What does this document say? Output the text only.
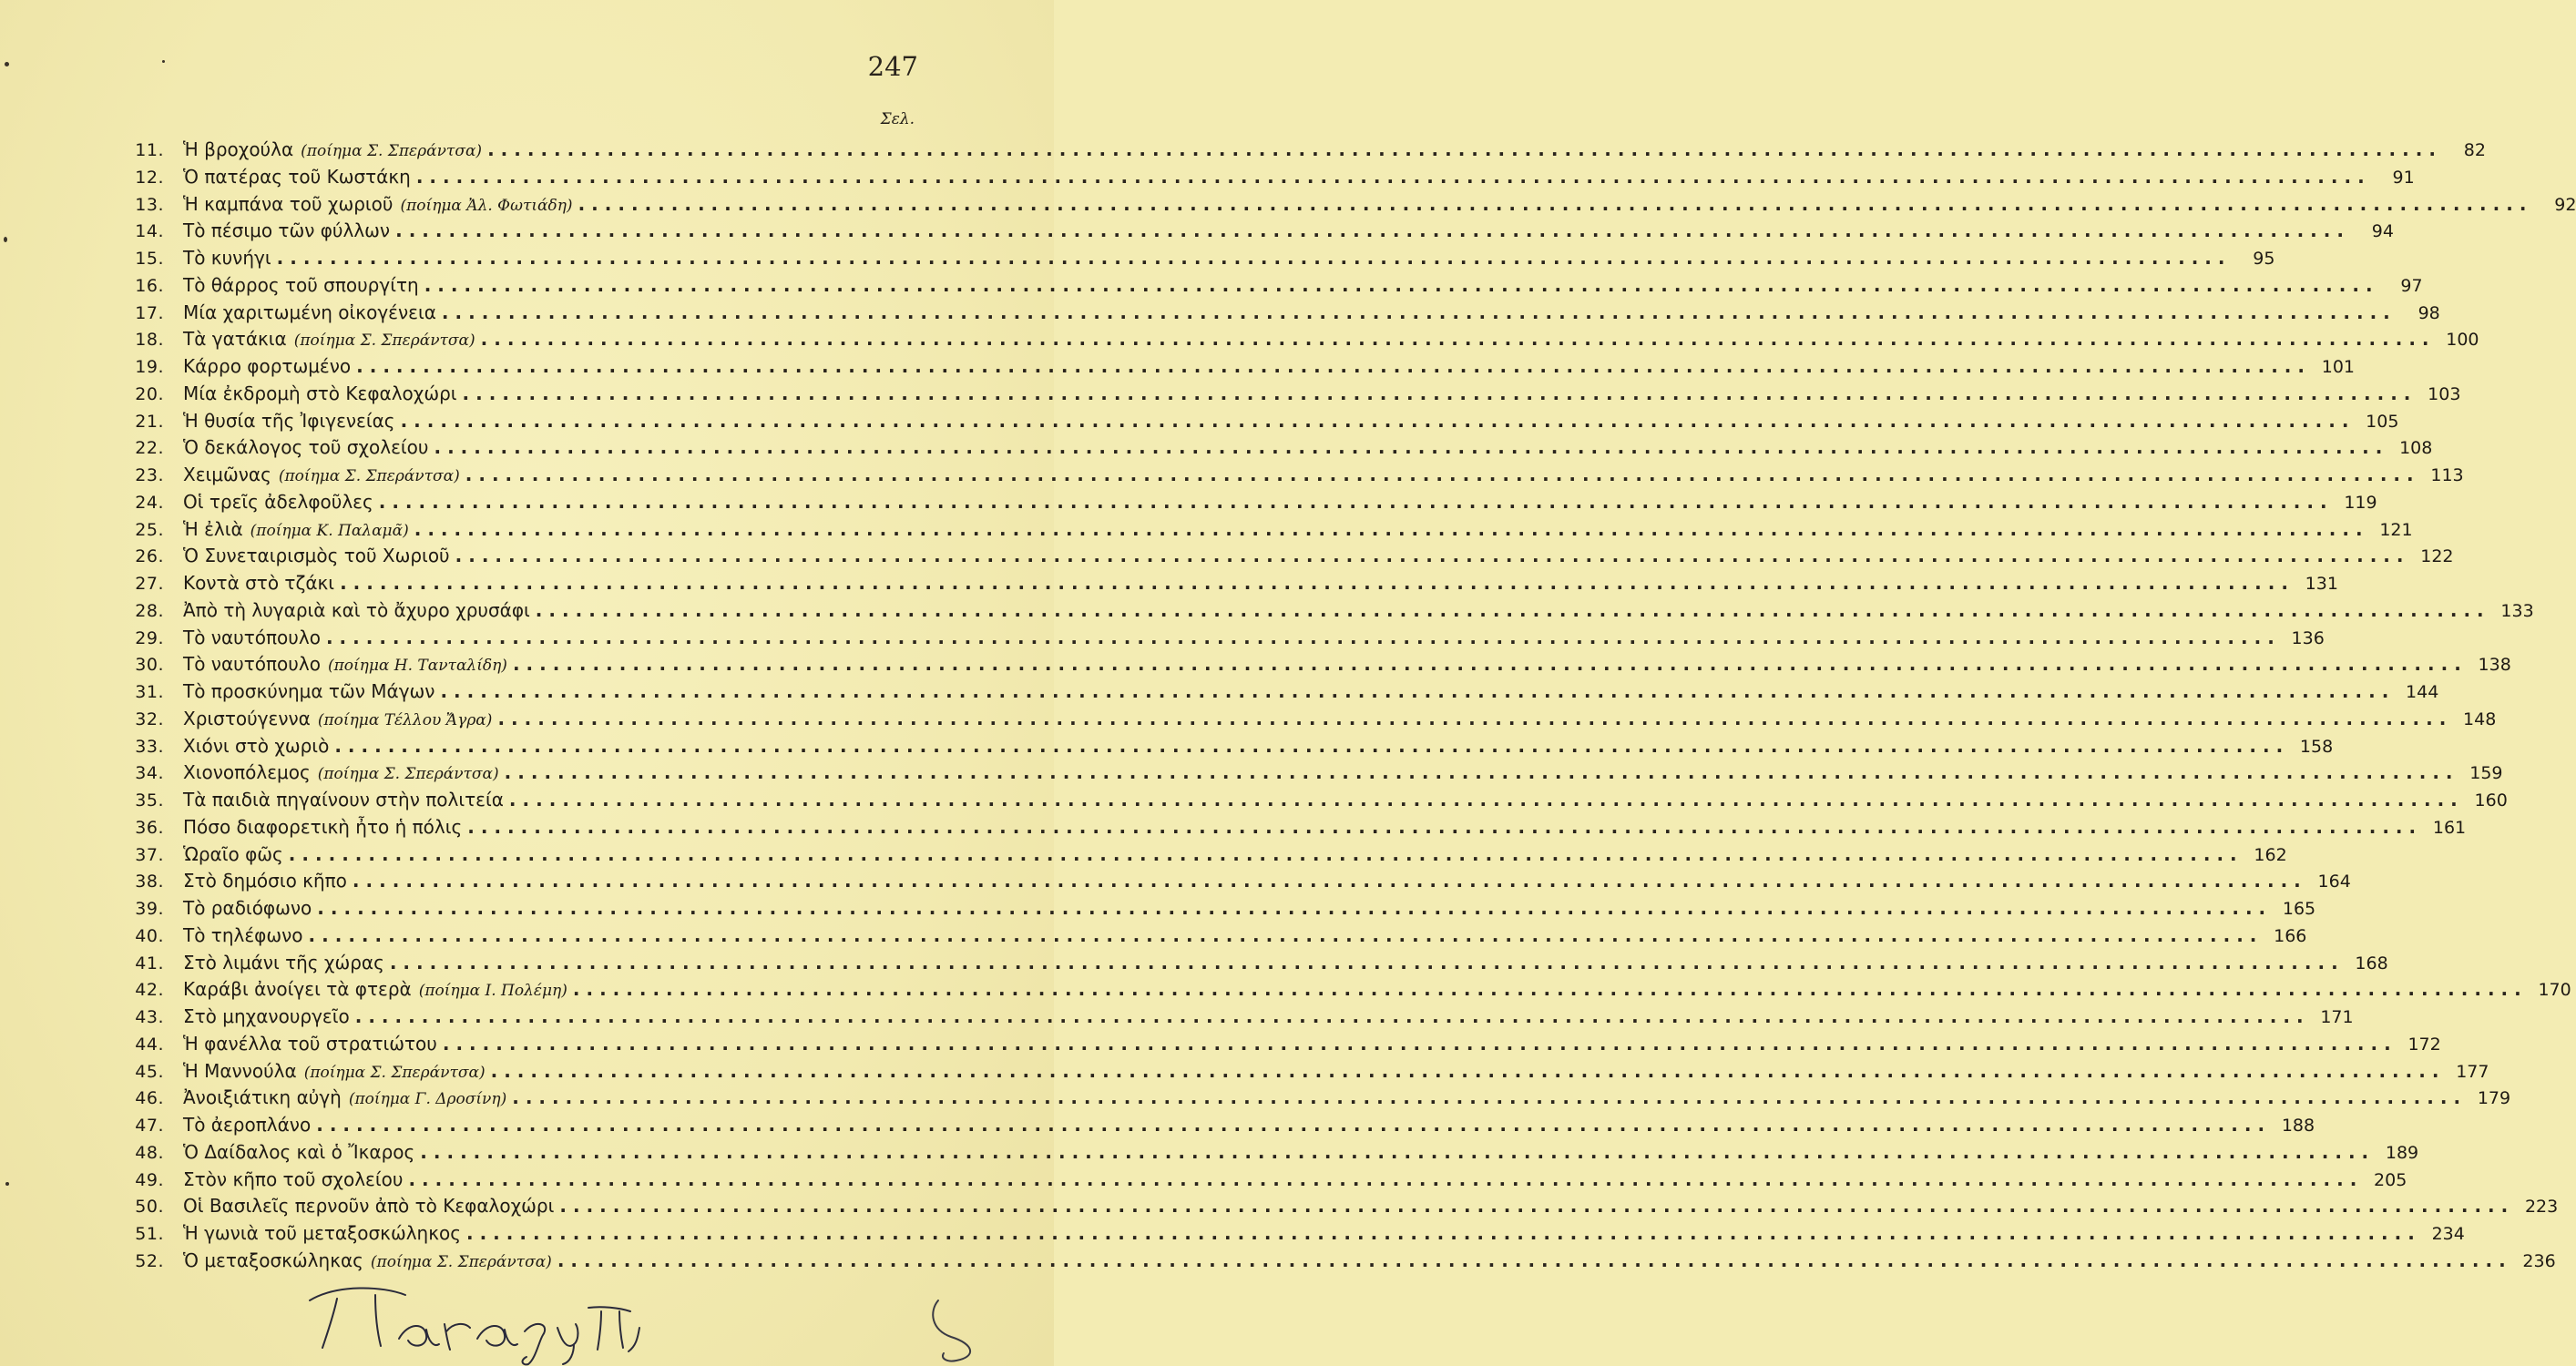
247
Σελ.
11. Ἡ βροχούλα (ποίημα Σ. Σπεράντσα) .....	82
12. Ὁ πατέρας τοῦ Κωστάκη .....	91
13. Ἡ καμπάνα τοῦ χωριοῦ (ποίημα Ἀλ. Φωτιάδη) .....	92
14. Τὸ πέσιμο τῶν φύλλων .....	94
15. Τὸ κυνήγι .....	95
16. Τὸ θάρρος τοῦ σπουργίτη .....	97
17. Μία χαριτωμένη οἰκογένεια .....	98
18. Τὰ γατάκια (ποίημα Σ. Σπεράντσα) .....	100
19. Κάρρο φορτωμένο .....	101
20. Μία ἐκδρομὴ στὸ Κεφαλοχώρι .....	103
21. Ἡ θυσία τῆς Ἰφιγενείας .....	105
22. Ὁ δεκάλογος τοῦ σχολείου .....	108
23. Χειμῶνας (ποίημα Σ. Σπεράντσα) .....	113
24. Οἱ τρεῖς ἀδελφοῦλες .....	119
25. Ἡ ἐλιὰ (ποίημα Κ. Παλαμᾶ) .....	121
26. Ὁ Συνεταιρισμὸς τοῦ Χωριοῦ .....	122
27. Κοντὰ στὸ τζάκι .....	131
28. Ἀπὸ τὴ λυγαριὰ καὶ τὸ ἄχυρο χρυσάφι .....	133
29. Τὸ ναυτόπουλο .....	136
30. Τὸ ναυτόπουλο (ποίημα Η. Τανταλίδη) .....	138
31. Τὸ προσκύνημα τῶν Μάγων .....	144
32. Χριστούγεννα (ποίημα Τέλλου Ἄγρα) .....	148
33. Χιόνι στὸ χωριὸ .....	158
34. Χιονοπόλεμος (ποίημα Σ. Σπεράντσα) .....	159
35. Τὰ παιδιὰ πηγαίνουν στὴν πολιτεία .....	160
36. Πόσο διαφορετικὴ ἦτο ἡ πόλις .....	161
37. Ὡραῖο φῶς .....	162
38. Στὸ δημόσιο κῆπο .....	164
39. Τὸ ραδιόφωνο .....	165
40. Τὸ τηλέφωνο .....	166
41. Στὸ λιμάνι τῆς χώρας .....	168
42. Καράβι ἀνοίγει τὰ φτερὰ (ποίημα Ι. Πολέμη) .....	170
43. Στὸ μηχανουργεῖο .....	171
44. Ἡ φανέλλα τοῦ στρατιώτου .....	172
45. Ἡ Μαννούλα (ποίημα Σ. Σπεράντσα) .....	177
46. Ἀνοιξιάτικη αὐγὴ (ποίημα Γ. Δροσίνη) .....	179
47. Τὸ ἀεροπλάνο .....	188
48. Ὁ Δαίδαλος καὶ ὁ Ἴκαρος .....	189
49. Στὸν κῆπο τοῦ σχολείου .....	205
50. Οἱ Βασιλεῖς περνοῦν ἀπὸ τὸ Κεφαλοχώρι .....	223
51. Ἡ γωνιὰ τοῦ μεταξοσκώληκος .....	234
52. Ὁ μεταξοσκώληκας (ποίημα Σ. Σπεράντσα) .....	236
